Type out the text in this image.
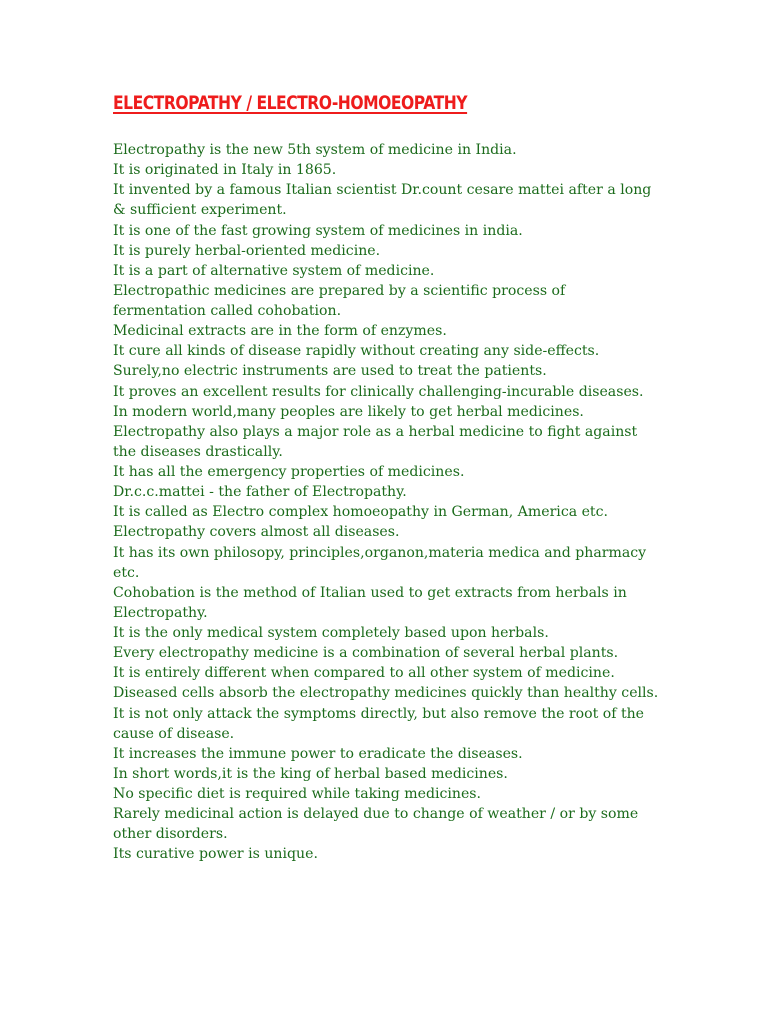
ELECTROPATHY / ELECTRO-HOMOEOPATHY
Electropathy is the new 5th system of medicine in India.
It is originated in Italy in 1865.
It invented by a famous Italian scientist Dr.count cesare mattei after a long
& sufficient experiment.
It is one of the fast growing system of medicines in india.
It is purely herbal-oriented medicine.
It is a part of alternative system of medicine.
Electropathic medicines are prepared by a scientific process of
fermentation called cohobation.
Medicinal extracts are in the form of enzymes.
It cure all kinds of disease rapidly without creating any side-effects.
Surely,no electric instruments are used to treat the patients.
It proves an excellent results for clinically challenging-incurable diseases.
In modern world,many peoples are likely to get herbal medicines.
Electropathy also plays a major role as a herbal medicine to fight against
the diseases drastically.
It has all the emergency properties of medicines.
Dr.c.c.mattei - the father of Electropathy.
It is called as Electro complex homoeopathy in German, America etc.
Electropathy covers almost all diseases.
It has its own philosopy, principles,organon,materia medica and pharmacy
etc.
Cohobation is the method of Italian used to get extracts from herbals in
Electropathy.
It is the only medical system completely based upon herbals.
Every electropathy medicine is a combination of several herbal plants.
It is entirely different when compared to all other system of medicine.
Diseased cells absorb the electropathy medicines quickly than healthy cells.
It is not only attack the symptoms directly, but also remove the root of the
cause of disease.
It increases the immune power to eradicate the diseases.
In short words,it is the king of herbal based medicines.
No specific diet is required while taking medicines.
Rarely medicinal action is delayed due to change of weather / or by some
other disorders.
Its curative power is unique.
